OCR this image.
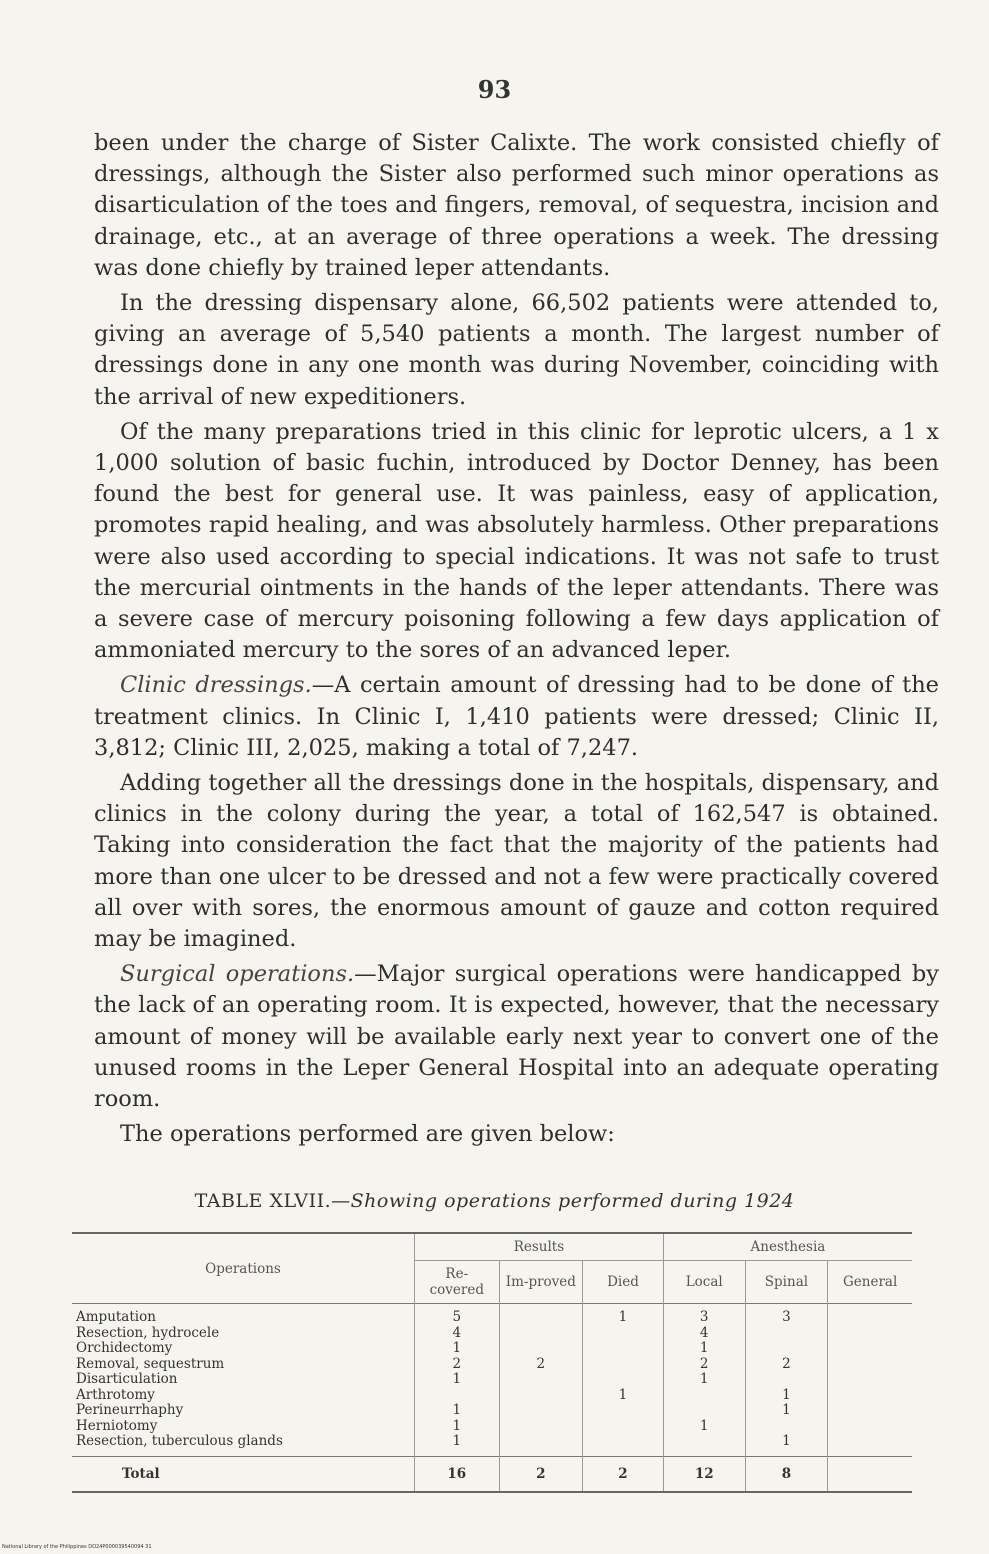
93

been under the charge of Sister Calixte. The work consisted chiefly of dressings, although the Sister also performed such minor operations as disarticulation of the toes and fingers, removal, of sequestra, incision and drainage, etc., at an average of three operations a week. The dressing was done chiefly by trained leper attendants.

In the dressing dispensary alone, 66,502 patients were attended to, giving an average of 5,540 patients a month. The largest number of dressings done in any one month was during November, coinciding with the arrival of new expeditioners.

Of the many preparations tried in this clinic for leprotic ulcers, a 1 x 1,000 solution of basic fuchin, introduced by Doctor Denney, has been found the best for general use. It was painless, easy of application, promotes rapid healing, and was absolutely harmless. Other preparations were also used according to special indications. It was not safe to trust the mercurial ointments in the hands of the leper attendants. There was a severe case of mercury poisoning following a few days application of ammoniated mercury to the sores of an advanced leper.

Clinic dressings.—A certain amount of dressing had to be done of the treatment clinics. In Clinic I, 1,410 patients were dressed; Clinic II, 3,812; Clinic III, 2,025, making a total of 7,247.

Adding together all the dressings done in the hospitals, dispensary, and clinics in the colony during the year, a total of 162,547 is obtained. Taking into consideration the fact that the majority of the patients had more than one ulcer to be dressed and not a few were practically covered all over with sores, the enormous amount of gauze and cotton required may be imagined.

Surgical operations.—Major surgical operations were handicapped by the lack of an operating room. It is expected, however, that the necessary amount of money will be available early next year to convert one of the unused rooms in the Leper General Hospital into an adequate operating room.

The operations performed are given below:

TABLE XLVII.—Showing operations performed during 1924
Operations	Results			Anesthesia		
	Re-covered	Im-proved	Died	Local	Spinal	General
Amputation	5		1	3	3	
Resection, hydrocele	4			4		
Orchidectomy	1			1		
Removal, sequestrum	2	2		2	2	
Disarticulation	1			1		
Arthrotomy			1		1	
Perineurrhaphy	1				1	
Herniotomy	1			1		
Resection, tuberculous glands	1				1	
Total	16	2	2	12	8	
National Library of the Philippines DO24P000039540094 31
